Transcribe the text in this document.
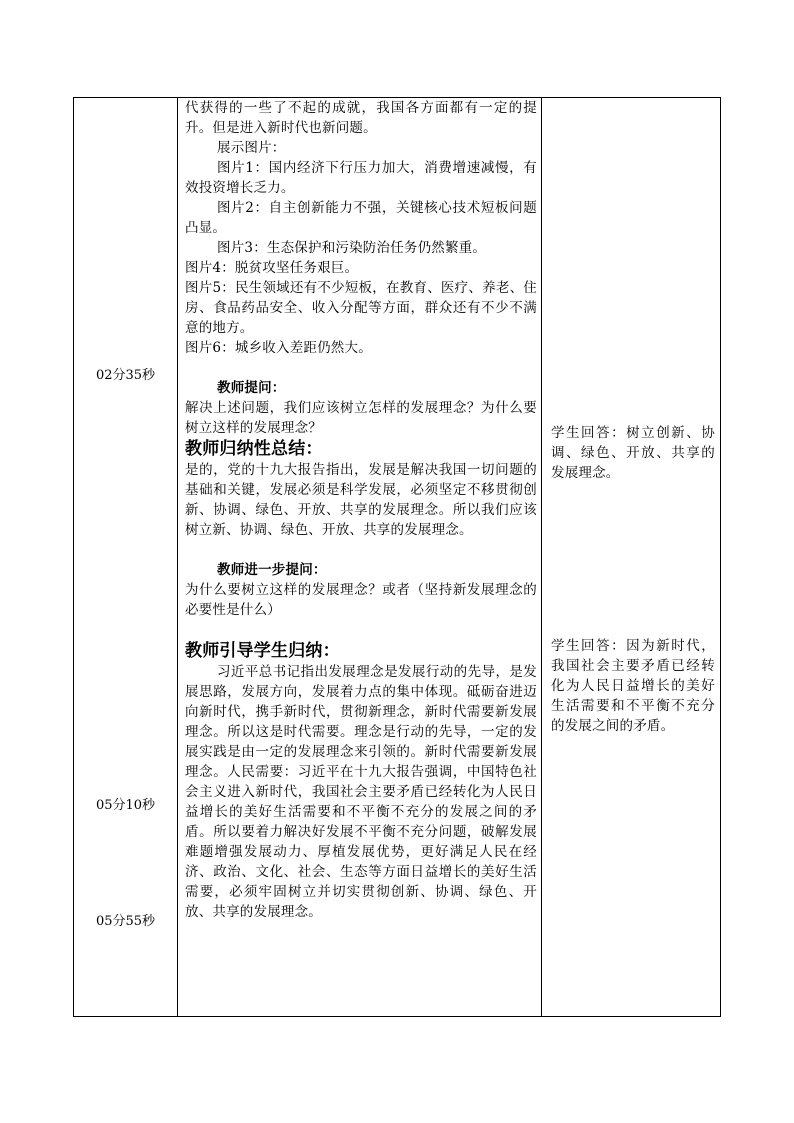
02分35秒
05分10秒
05分55秒

代获得的一些了不起的成就，我国各方面都有一定的提升。但是进入新时代也新问题。

展示图片：

图片1：国内经济下行压力加大，消费增速减慢，有效投资增长乏力。

图片2：自主创新能力不强，关键核心技术短板问题凸显。

图片3：生态保护和污染防治任务仍然繁重。

图片4：脱贫攻坚任务艰巨。

图片5：民生领域还有不少短板，在教育、医疗、养老、住房、食品药品安全、收入分配等方面，群众还有不少不满意的地方。

图片6：城乡收入差距仍然大。

教师提问：

解决上述问题，我们应该树立怎样的发展理念？为什么要树立这样的发展理念？

教师归纳性总结：

是的，党的十九大报告指出，发展是解决我国一切问题的基础和关键，发展必须是科学发展，必须坚定不移贯彻创新、协调、绿色、开放、共享的发展理念。所以我们应该树立新、协调、绿色、开放、共享的发展理念。

教师进一步提问：

为什么要树立这样的发展理念？或者（坚持新发展理念的必要性是什么）

教师引导学生归纳：

习近平总书记指出发展理念是发展行动的先导，是发展思路，发展方向，发展着力点的集中体现。砥砺奋进迈向新时代，携手新时代，贯彻新理念，新时代需要新发展理念。所以这是时代需要。理念是行动的先导，一定的发展实践是由一定的发展理念来引领的。新时代需要新发展理念。人民需要：习近平在十九大报告强调，中国特色社会主义进入新时代，我国社会主要矛盾已经转化为人民日益增长的美好生活需要和不平衡不充分的发展之间的矛盾。所以要着力解决好发展不平衡不充分问题，破解发展难题增强发展动力、厚植发展优势，更好满足人民在经济、政治、文化、社会、生态等方面日益增长的美好生活需要，必须牢固树立并切实贯彻创新、协调、绿色、开放、共享的发展理念。

学生回答：树立创新、协调、绿色、开放、共享的发展理念。

学生回答：因为新时代，我国社会主要矛盾已经转化为人民日益增长的美好生活需要和不平衡不充分的发展之间的矛盾。
